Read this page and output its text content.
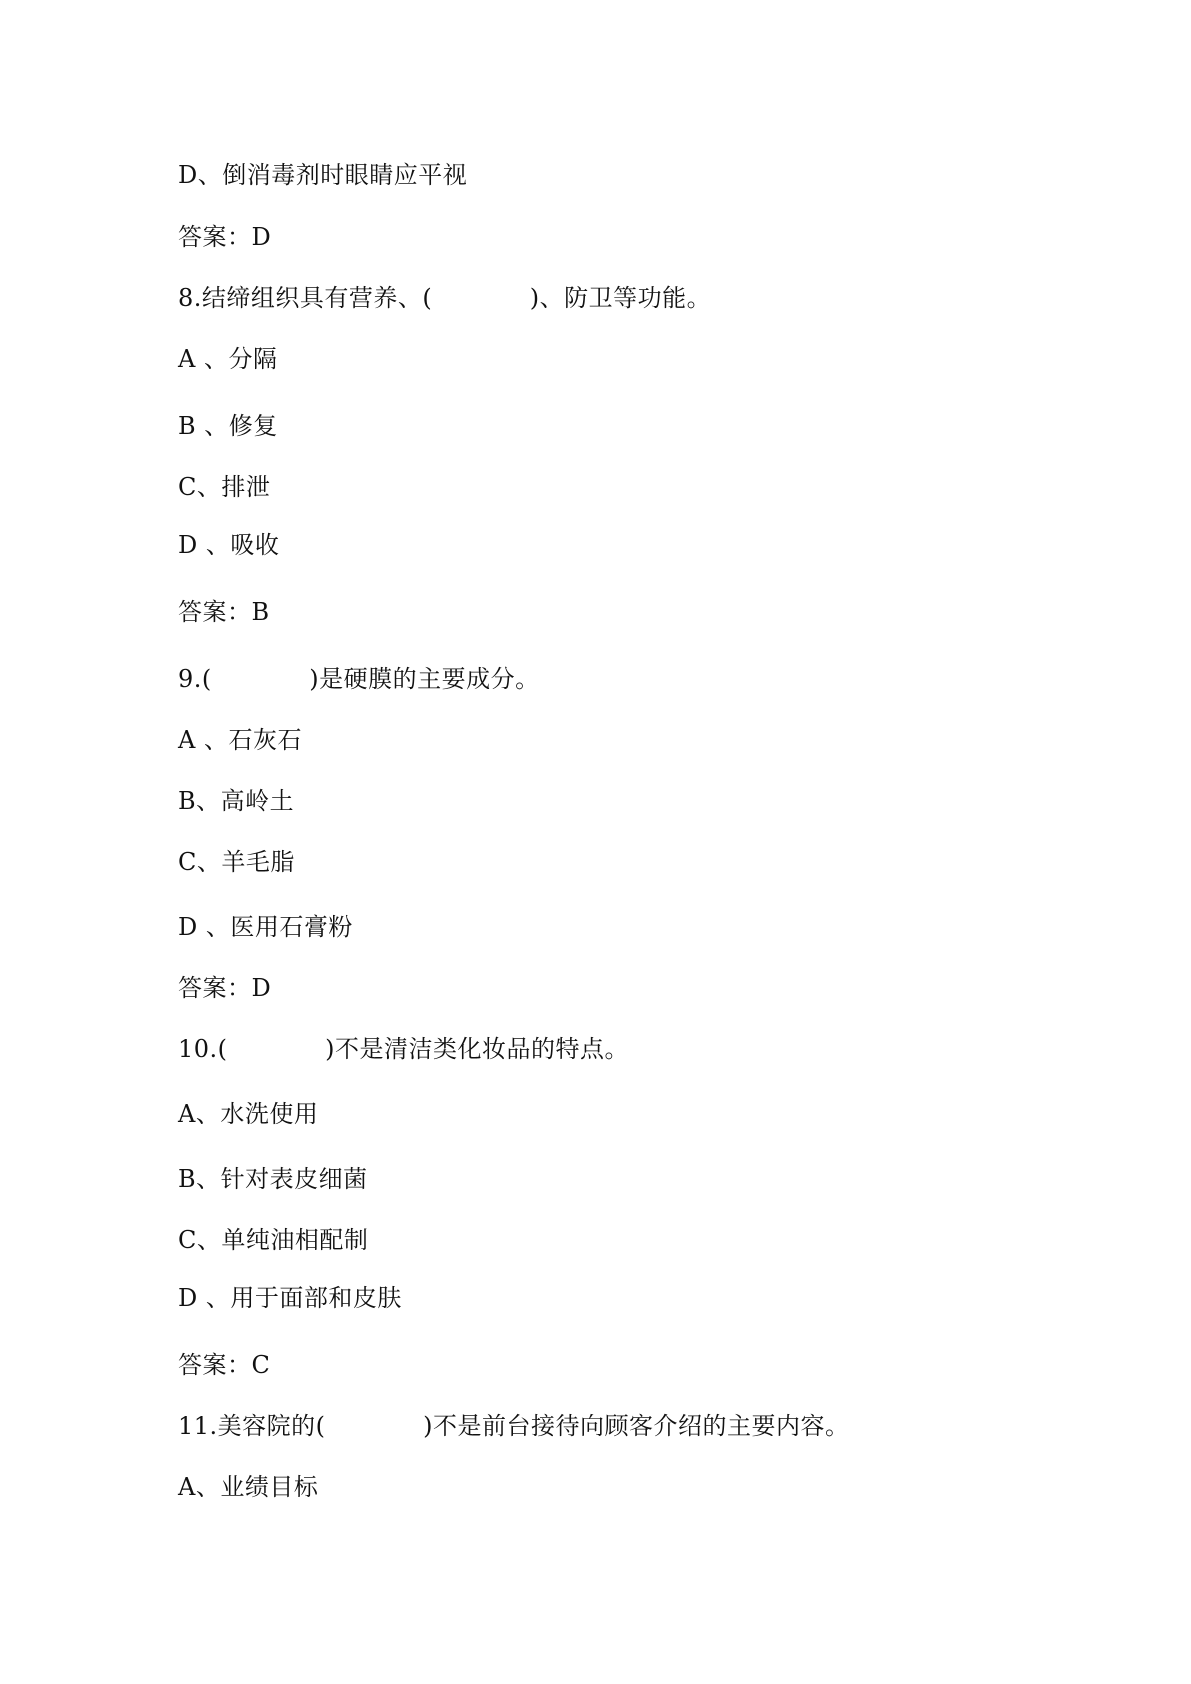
D、倒消毒剂时眼睛应平视
答案：D
8.结缔组织具有营养、(            )、防卫等功能。
A 、分隔
B 、修复
C、排泄
D 、吸收
答案：B
9.(            )是硬膜的主要成分。
A 、石灰石
B、高岭土
C、羊毛脂
D 、医用石膏粉
答案：D
10.(            )不是清洁类化妆品的特点。
A、水洗使用
B、针对表皮细菌
C、单纯油相配制
D 、用于面部和皮肤
答案：C
11.美容院的(            )不是前台接待向顾客介绍的主要内容。
A、业绩目标
